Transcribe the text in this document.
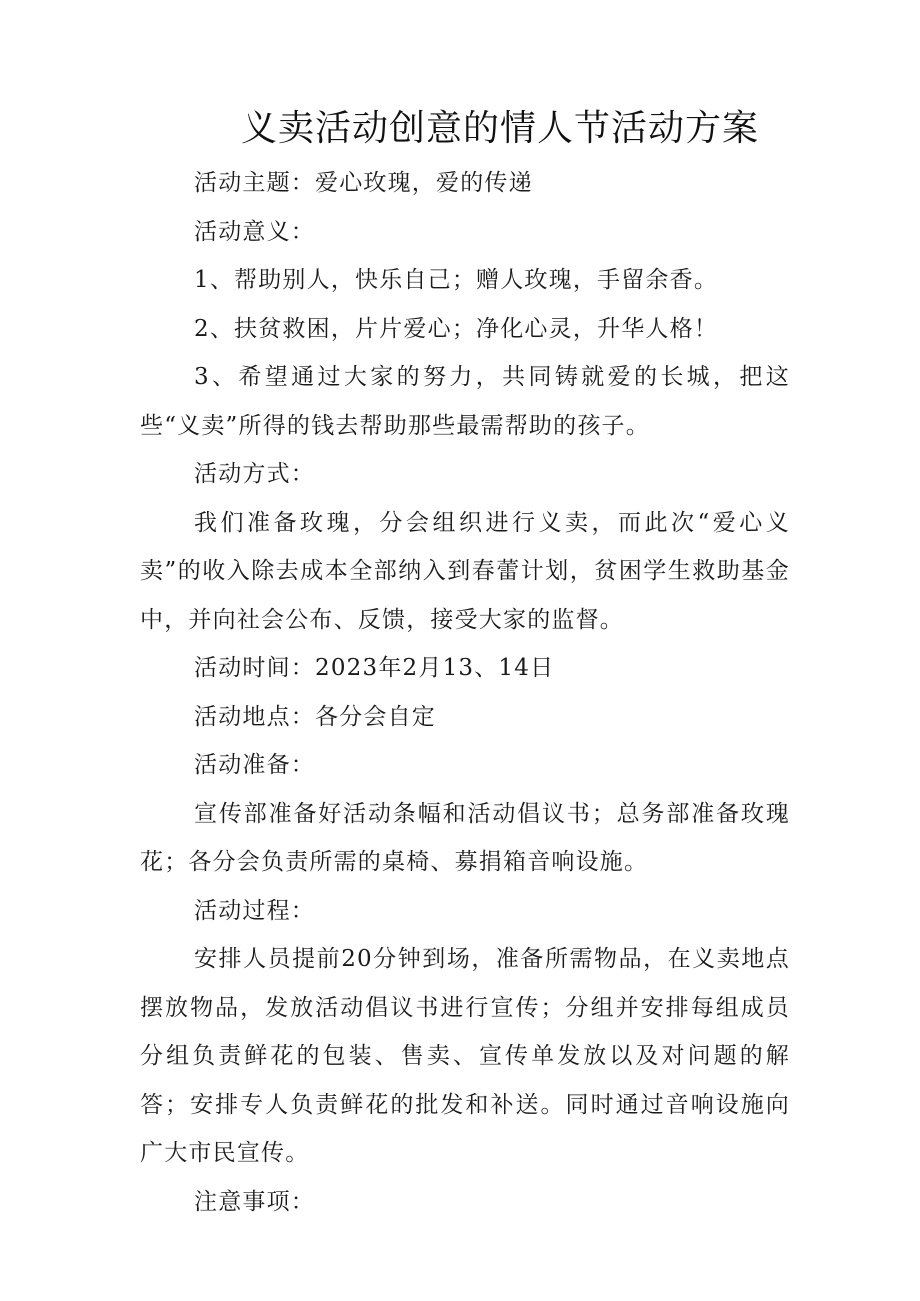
义卖活动创意的情人节活动方案

活动主题：爱心玫瑰，爱的传递

活动意义：

1、帮助别人，快乐自己；赠人玫瑰，手留余香。

2、扶贫救困，片片爱心；净化心灵，升华人格！

3、希望通过大家的努力，共同铸就爱的长城，把这些“义卖”所得的钱去帮助那些最需帮助的孩子。

活动方式：

我们准备玫瑰，分会组织进行义卖，而此次“爱心义卖”的收入除去成本全部纳入到春蕾计划，贫困学生救助基金中，并向社会公布、反馈，接受大家的监督。

活动时间：2023年2月13、14日

活动地点：各分会自定

活动准备：

宣传部准备好活动条幅和活动倡议书；总务部准备玫瑰花；各分会负责所需的桌椅、募捐箱音响设施。

活动过程：

安排人员提前20分钟到场，准备所需物品，在义卖地点摆放物品，发放活动倡议书进行宣传；分组并安排每组成员分组负责鲜花的包装、售卖、宣传单发放以及对问题的解答；安排专人负责鲜花的批发和补送。同时通过音响设施向广大市民宣传。

注意事项：
